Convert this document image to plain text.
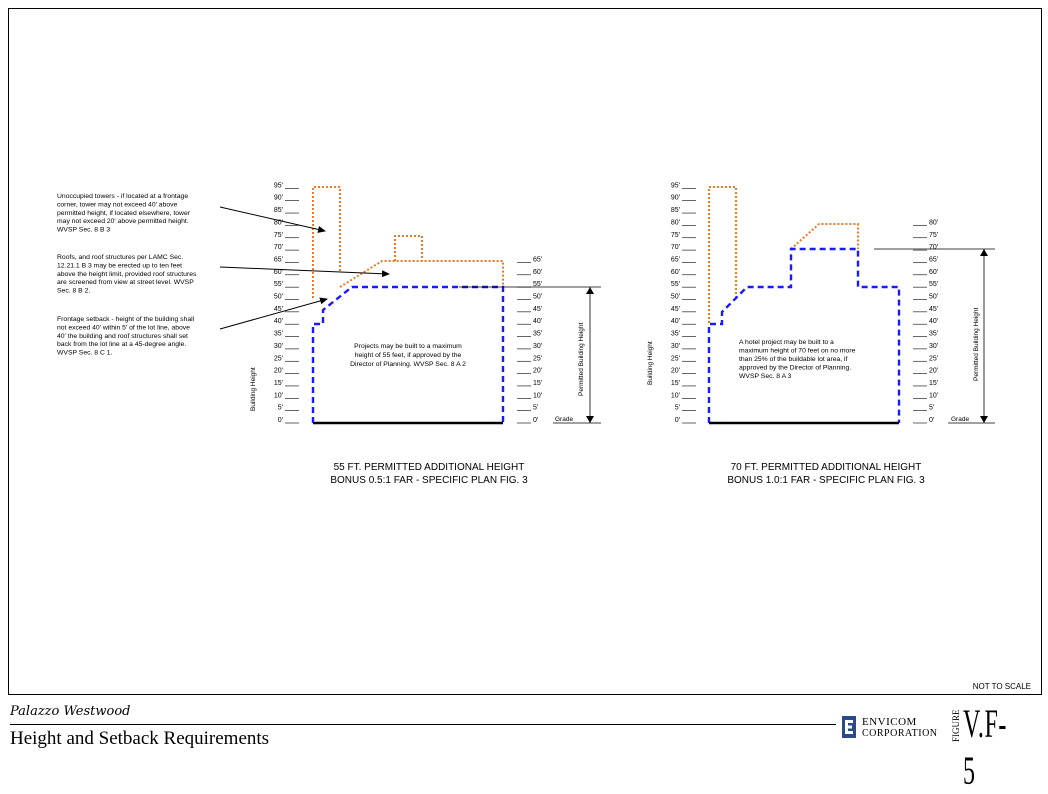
95'
90'
85'
80'
75'
70'
65'
60'
55'
50'
45'
40'
35'
30'
25'
20'
15'
10'
5'
0'
65'
60'
55'
50'
45'
40'
35'
30'
25'
20'
15'
10'
5'
0'
Building Height	Permitted Building Height
Grade
Projects may be built to a maximum
height of 55 feet, if approved by the
Director of Planning. WVSP Sec. 8 A 2
Unoccupied towers - if located at a frontage
corner, tower may not exceed 40' above
permitted height, if located elsewhere, tower
may not exceed 20' above permitted height.
WVSP Sec. 8 B 3
Roofs, and roof structures per LAMC Sec.
12.21.1 B 3 may be erected up to ten feet
above the height limit, provided roof structures
are screened from view at street level. WVSP
Sec. 8 B 2.
Frontage setback - height of the building shall
not exceed 40' within 5' of the lot line, above
40' the building and roof structures shall set
back from the lot line at a 45-degree angle.
WVSP Sec. 8 C 1.
55 FT. PERMITTED ADDITIONAL HEIGHT
BONUS 0.5:1 FAR - SPECIFIC PLAN FIG. 3
95'
90'
85'
80'
75'
70'
65'
60'
55'
50'
45'
40'
35'
30'
25'
20'
15'
10'
5'
0'
80'
75'
70'
65'
60'
55'
50'
45'
40'
35'
30'
25'
20'
15'
10'
5'
0'
Building Height	Permitted Building Height
Grade
A hotel project may be built to a
maximum height of 70 feet on no more
than 25% of the buildable lot area, if
approved by the Director of Planning.
WVSP Sec. 8 A 3
70 FT. PERMITTED ADDITIONAL HEIGHT
BONUS 1.0:1 FAR - SPECIFIC PLAN FIG. 3
NOT TO SCALE
Palazzo Westwood
Height and Setback Requirements
ENVICOM
CORPORATION FIGURE V.F-5
